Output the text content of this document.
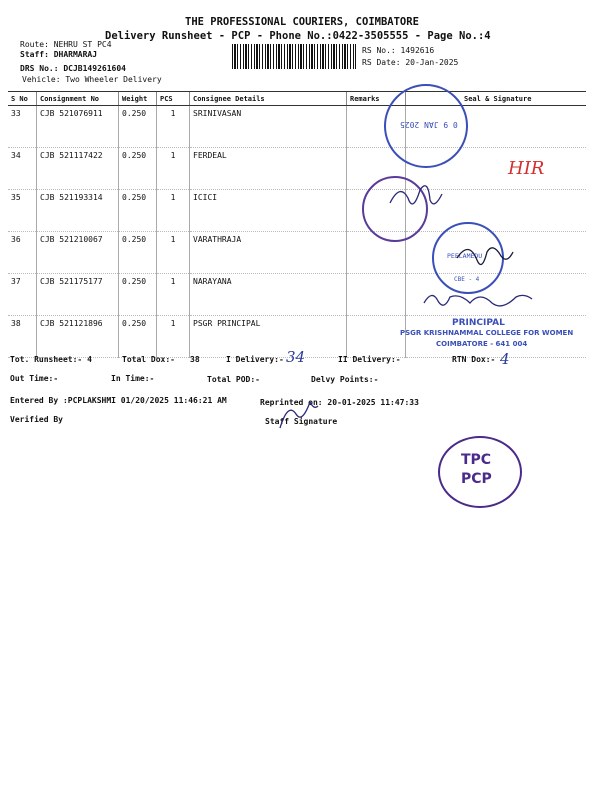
THE PROFESSIONAL COURIERS, COIMBATORE
Delivery Runsheet - PCP - Phone No.:0422-3505555 - Page No.:4
Route: NEHRU ST PC4
Staff: DHARMARAJ
DRS No.: DCJB149261604
Vehicle: Two Wheeler Delivery
RS No.: 1492616
RS Date: 20-Jan-2025
S No	Consignment No	Weight	PCS	Consignee Details	Remarks	Seal & Signature
33	CJB 521076911	0.250	1	SRINIVASAN		
34	CJB 521117422	0.250	1	FERDEAL		
35	CJB 521193314	0.250	1	ICICI		
36	CJB 521210067	0.250	1	VARATHRAJA		
37	CJB 521175177	0.250	1	NARAYANA		
38	CJB 521121896	0.250	1	PSGR PRINCIPAL		
0 9 JAN 2025
HIR
PEELAMEDU
CBE - 4
PRINCIPAL
PSGR KRISHNAMMAL COLLEGE FOR WOMEN
COIMBATORE - 641 004
Tot. Runsheet:- 4	Total Dox:- 38	I Delivery:- 34	II Delivery:-	RTN Dox:- 4
Out Time:-	In Time:-	Total POD:-	Delvy Points:-
Entered By :PCPLAKSHMI 01/20/2025 11:46:21 AM	Reprinted on: 20-01-2025 11:47:33
Verified By	Staff Signature
TPC
PCP
